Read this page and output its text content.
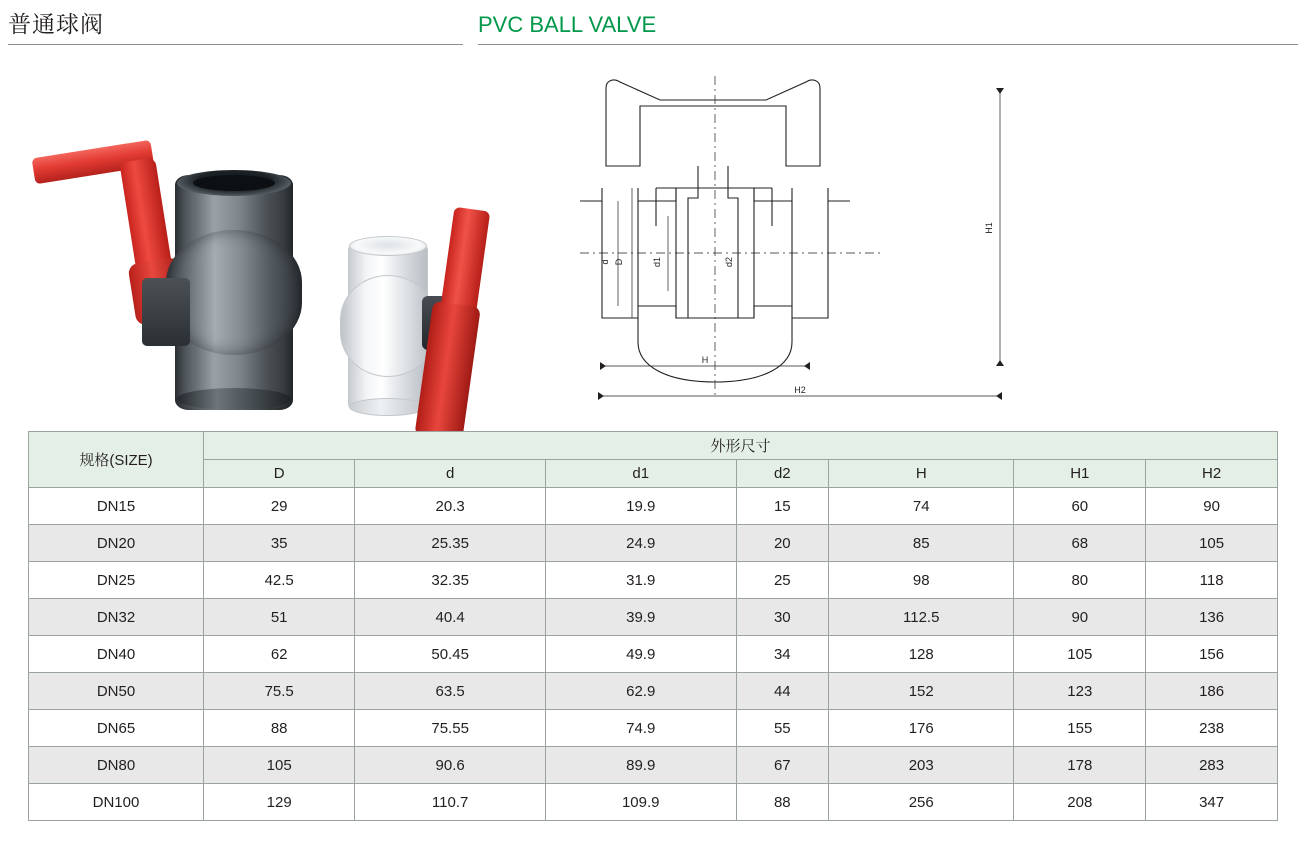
普通球阀	PVC BALL VALVE
D
d	d1	d2
H
H2
H1
规格(SIZE)	外形尺寸						
	D	d	d1	d2	H	H1	H2
DN15	29	20.3	19.9	15	74	60	90
DN20	35	25.35	24.9	20	85	68	105
DN25	42.5	32.35	31.9	25	98	80	118
DN32	51	40.4	39.9	30	112.5	90	136
DN40	62	50.45	49.9	34	128	105	156
DN50	75.5	63.5	62.9	44	152	123	186
DN65	88	75.55	74.9	55	176	155	238
DN80	105	90.6	89.9	67	203	178	283
DN100	129	110.7	109.9	88	256	208	347
